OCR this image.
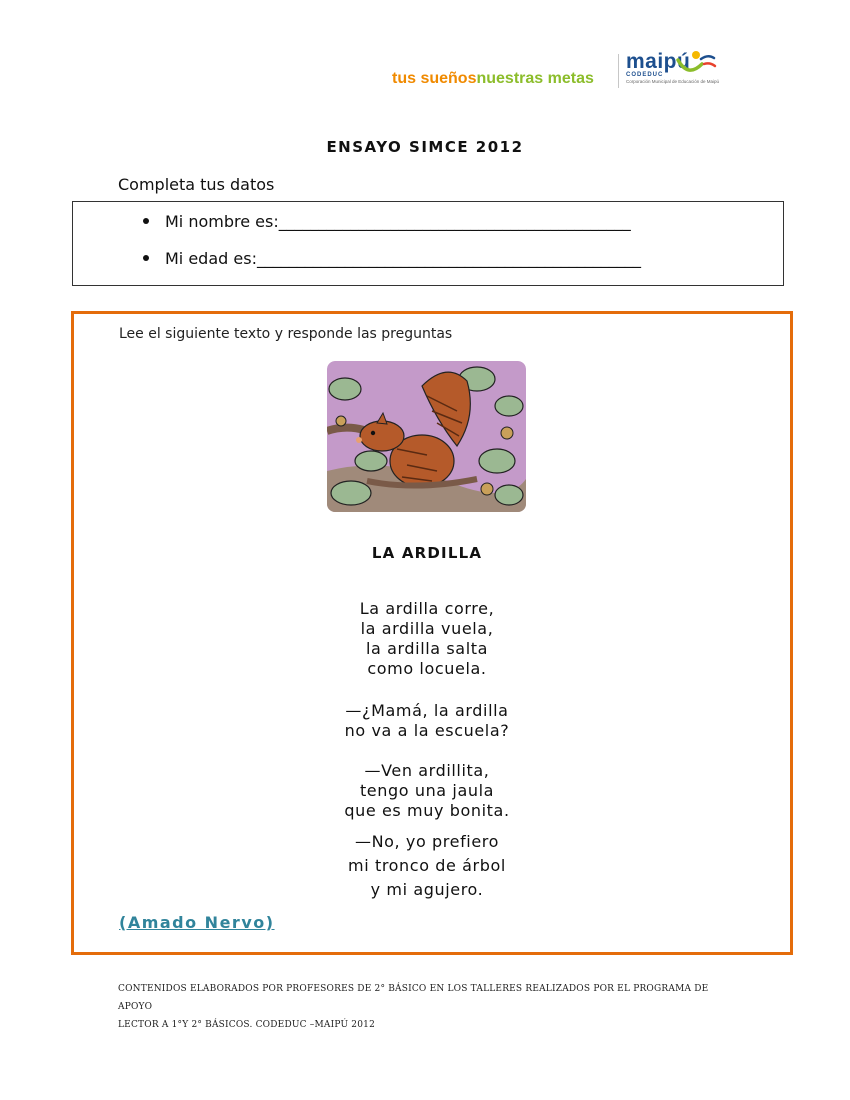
tus sueñosnuestras metas
maipú
CODEDUC
Corporación Municipal de Educación de Maipú
ENSAYO SIMCE 2012
Completa tus datos
Mi nombre es:____________________________________________
Mi edad es:________________________________________________
Lee el siguiente texto y responde las preguntas
LA ARDILLA
La ardilla corre,
la ardilla vuela,
la ardilla salta
como locuela.
—¿Mamá, la ardilla
no va a la escuela?
—Ven ardillita,
tengo una jaula
que es muy bonita.
—No, yo prefiero
mi tronco de árbol
y mi agujero.
(Amado Nervo)
CONTENIDOS ELABORADOS POR PROFESORES DE 2° BÁSICO EN LOS TALLERES REALIZADOS POR EL PROGRAMA DE APOYO
LECTOR A 1°Y 2° BÁSICOS. CODEDUC –MAIPÚ 2012
